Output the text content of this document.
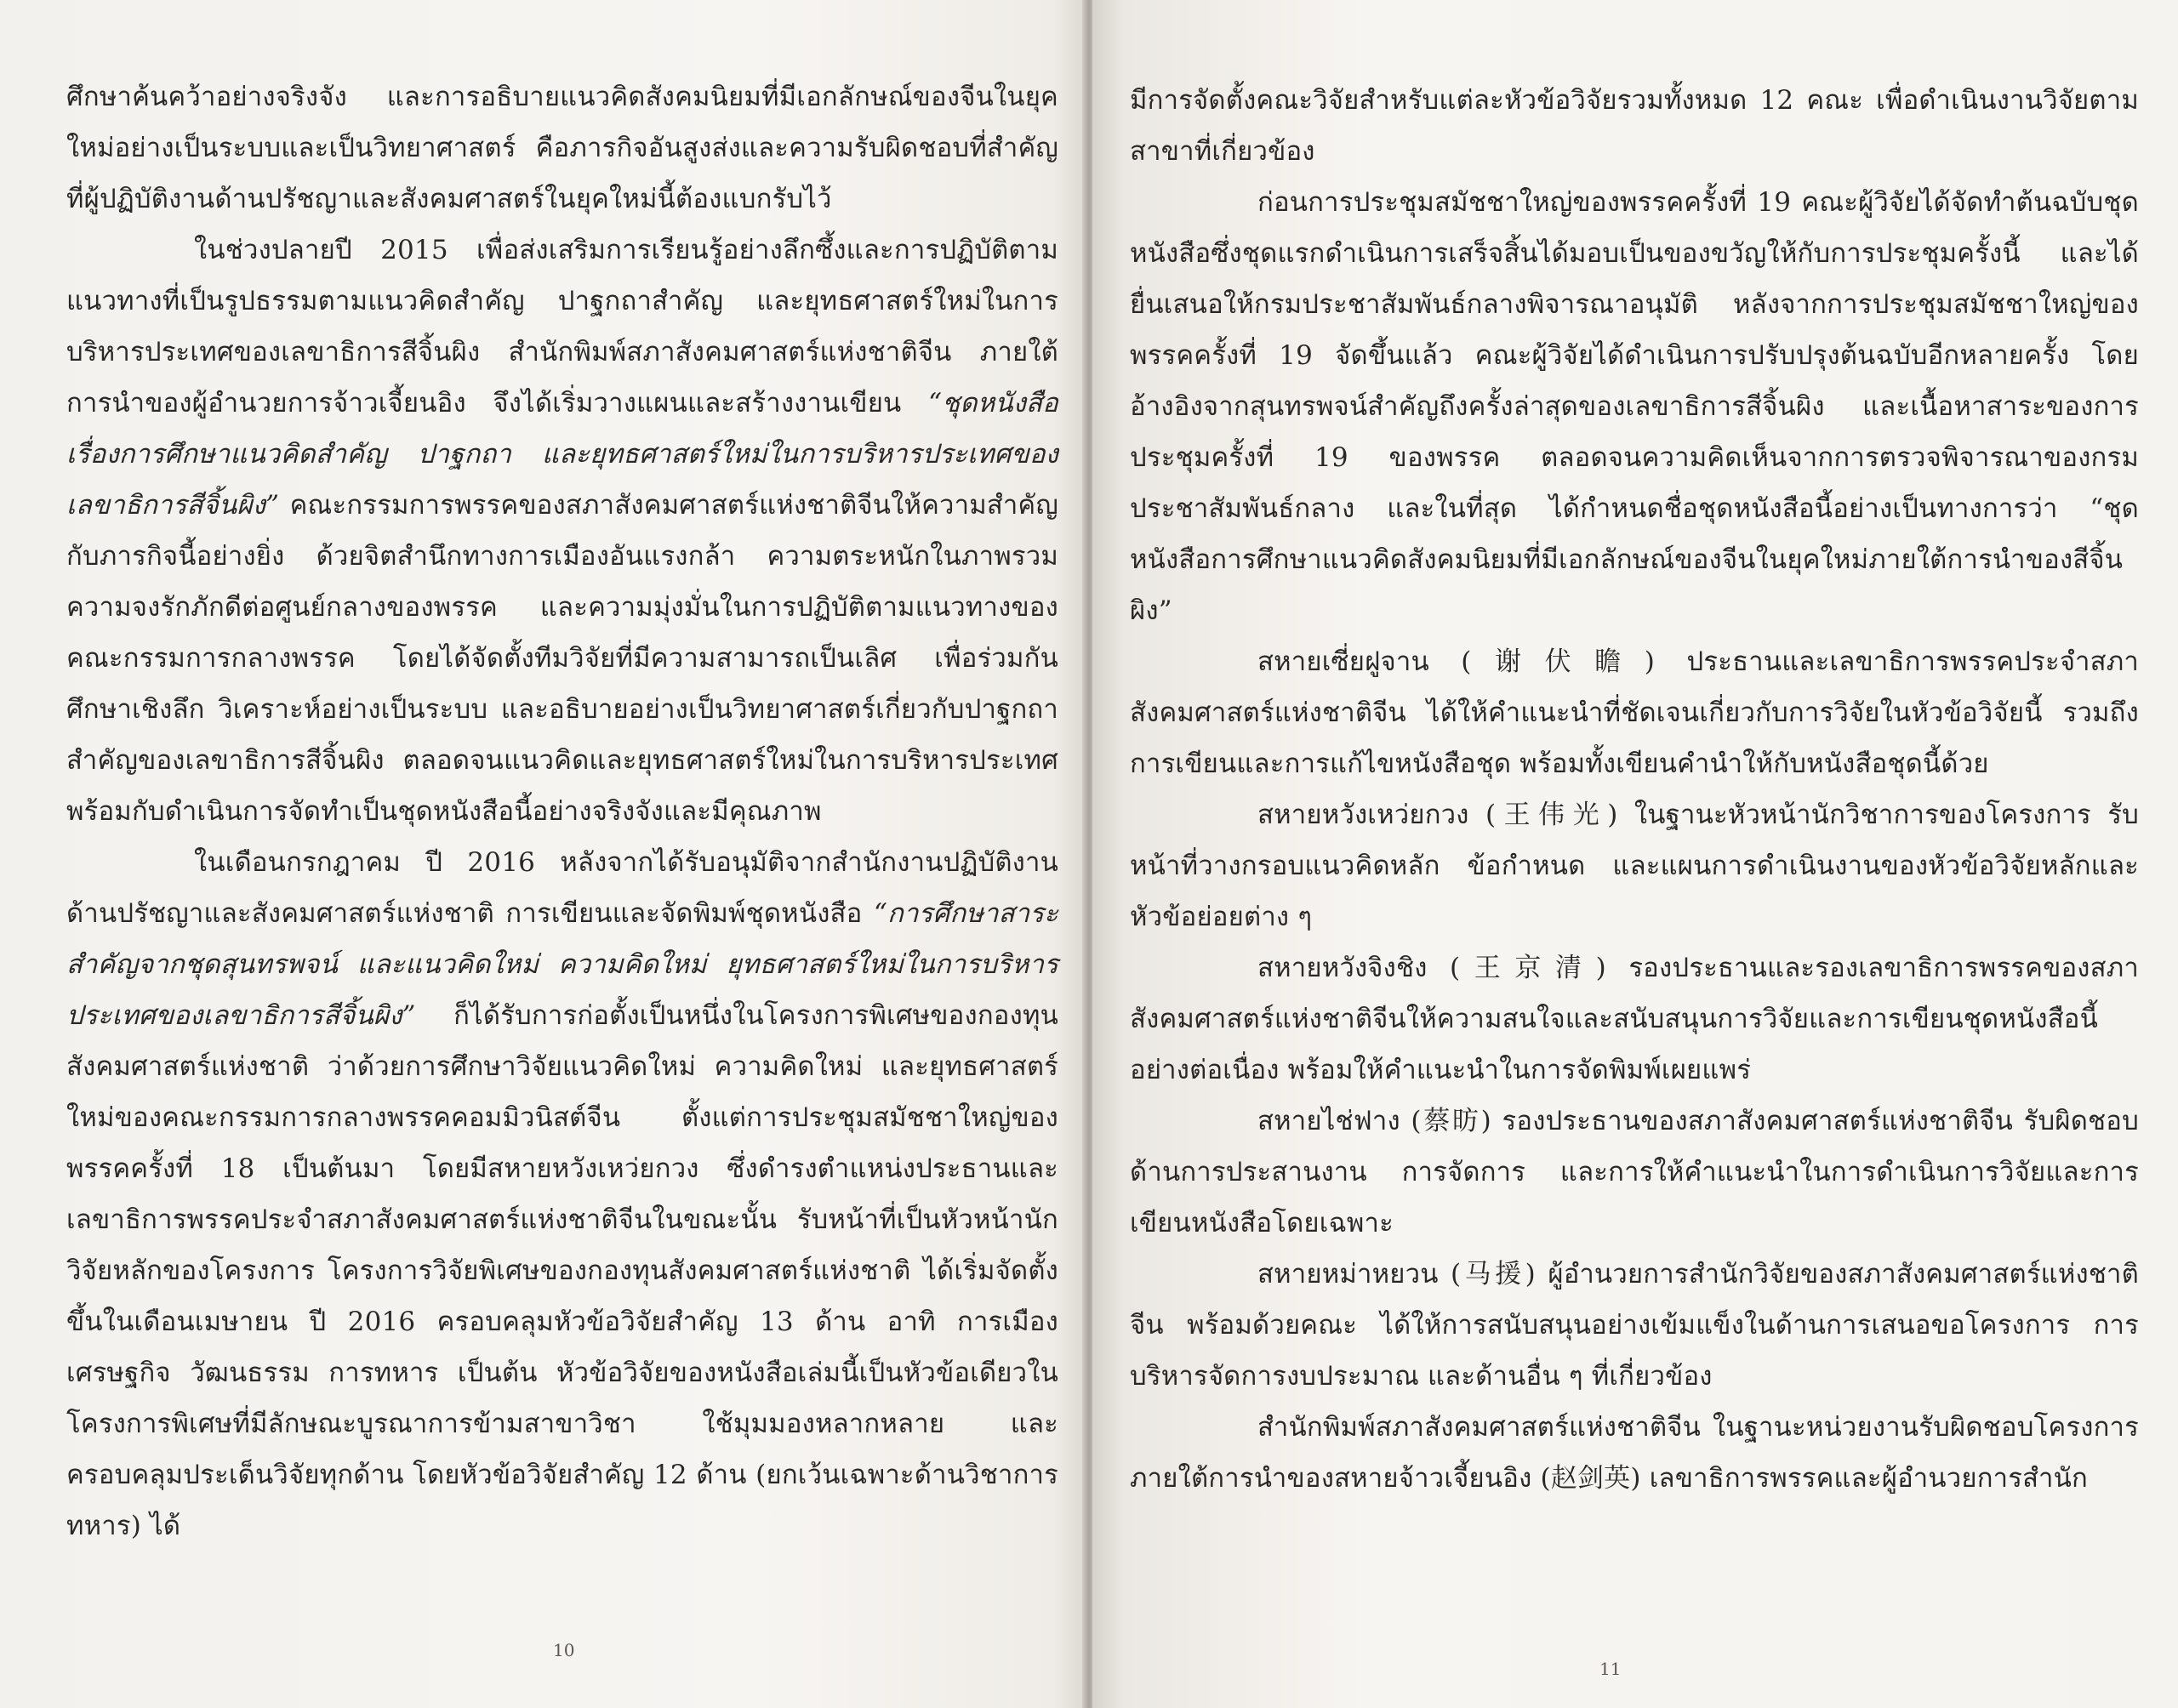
ศึกษาค้นคว้าอย่างจริงจัง และการอธิบายแนวคิดสังคมนิยมที่มีเอกลักษณ์ของจีนในยุคใหม่อย่างเป็นระบบและเป็นวิทยาศาสตร์ คือภารกิจอันสูงส่งและความรับผิดชอบที่สำคัญที่ผู้ปฏิบัติงานด้านปรัชญาและสังคมศาสตร์ในยุคใหม่นี้ต้องแบกรับไว้

ในช่วงปลายปี 2015 เพื่อส่งเสริมการเรียนรู้อย่างลึกซึ้งและการปฏิบัติตามแนวทางที่เป็นรูปธรรมตามแนวคิดสำคัญ ปาฐกถาสำคัญ และยุทธศาสตร์ใหม่ในการบริหารประเทศของเลขาธิการสีจิ้นผิง สำนักพิมพ์สภาสังคมศาสตร์แห่งชาติจีน ภายใต้การนำของผู้อำนวยการจ้าวเจี้ยนอิง จึงได้เริ่มวางแผนและสร้างงานเขียน “ชุดหนังสือเรื่องการศึกษาแนวคิดสำคัญ ปาฐกถา และยุทธศาสตร์ใหม่ในการบริหารประเทศของเลขาธิการสีจิ้นผิง” คณะกรรมการพรรคของสภาสังคมศาสตร์แห่งชาติจีนให้ความสำคัญกับภารกิจนี้อย่างยิ่ง ด้วยจิตสำนึกทางการเมืองอันแรงกล้า ความตระหนักในภาพรวม ความจงรักภักดีต่อศูนย์กลางของพรรค และความมุ่งมั่นในการปฏิบัติตามแนวทางของคณะกรรมการกลางพรรค โดยได้จัดตั้งทีมวิจัยที่มีความสามารถเป็นเลิศ เพื่อร่วมกันศึกษาเชิงลึก วิเคราะห์อย่างเป็นระบบ และอธิบายอย่างเป็นวิทยาศาสตร์เกี่ยวกับปาฐกถาสำคัญของเลขาธิการสีจิ้นผิง ตลอดจนแนวคิดและยุทธศาสตร์ใหม่ในการบริหารประเทศ พร้อมกับดำเนินการจัดทำเป็นชุดหนังสือนี้อย่างจริงจังและมีคุณภาพ

ในเดือนกรกฎาคม ปี 2016 หลังจากได้รับอนุมัติจากสำนักงานปฏิบัติงานด้านปรัชญาและสังคมศาสตร์แห่งชาติ การเขียนและจัดพิมพ์ชุดหนังสือ “การศึกษาสาระสำคัญจากชุดสุนทรพจน์ และแนวคิดใหม่ ความคิดใหม่ ยุทธศาสตร์ใหม่ในการบริหารประเทศของเลขาธิการสีจิ้นผิง” ก็ได้รับการก่อตั้งเป็นหนึ่งในโครงการพิเศษของกองทุนสังคมศาสตร์แห่งชาติ ว่าด้วยการศึกษาวิจัยแนวคิดใหม่ ความคิดใหม่ และยุทธศาสตร์ใหม่ของคณะกรรมการกลางพรรคคอมมิวนิสต์จีน ตั้งแต่การประชุมสมัชชาใหญ่ของพรรคครั้งที่ 18 เป็นต้นมา โดยมีสหายหวังเหว่ยกวง ซึ่งดำรงตำแหน่งประธานและเลขาธิการพรรคประจำสภาสังคมศาสตร์แห่งชาติจีนในขณะนั้น รับหน้าที่เป็นหัวหน้านักวิจัยหลักของโครงการ โครงการวิจัยพิเศษของกองทุนสังคมศาสตร์แห่งชาติ ได้เริ่มจัดตั้งขึ้นในเดือนเมษายน ปี 2016 ครอบคลุมหัวข้อวิจัยสำคัญ 13 ด้าน อาทิ การเมือง เศรษฐกิจ วัฒนธรรม การทหาร เป็นต้น หัวข้อวิจัยของหนังสือเล่มนี้เป็นหัวข้อเดียวในโครงการพิเศษที่มีลักษณะบูรณาการข้ามสาขาวิชา ใช้มุมมองหลากหลาย และครอบคลุมประเด็นวิจัยทุกด้าน โดยหัวข้อวิจัยสำคัญ 12 ด้าน (ยกเว้นเฉพาะด้านวิชาการทหาร) ได้

10

มีการจัดตั้งคณะวิจัยสำหรับแต่ละหัวข้อวิจัยรวมทั้งหมด 12 คณะ เพื่อดำเนินงานวิจัยตามสาขาที่เกี่ยวข้อง

ก่อนการประชุมสมัชชาใหญ่ของพรรคครั้งที่ 19 คณะผู้วิจัยได้จัดทำต้นฉบับชุดหนังสือซึ่งชุดแรกดำเนินการเสร็จสิ้นได้มอบเป็นของขวัญให้กับการประชุมครั้งนี้ และได้ยื่นเสนอให้กรมประชาสัมพันธ์กลางพิจารณาอนุมัติ หลังจากการประชุมสมัชชาใหญ่ของพรรคครั้งที่ 19 จัดขึ้นแล้ว คณะผู้วิจัยได้ดำเนินการปรับปรุงต้นฉบับอีกหลายครั้ง โดยอ้างอิงจากสุนทรพจน์สำคัญถึงครั้งล่าสุดของเลขาธิการสีจิ้นผิง และเนื้อหาสาระของการประชุมครั้งที่ 19 ของพรรค ตลอดจนความคิดเห็นจากการตรวจพิจารณาของกรมประชาสัมพันธ์กลาง และในที่สุด ได้กำหนดชื่อชุดหนังสือนี้อย่างเป็นทางการว่า “ชุดหนังสือการศึกษาแนวคิดสังคมนิยมที่มีเอกลักษณ์ของจีนในยุคใหม่ภายใต้การนำของสีจิ้นผิง”

สหายเซี่ยฝูจาน (谢伏瞻) ประธานและเลขาธิการพรรคประจำสภาสังคมศาสตร์แห่งชาติจีน ได้ให้คำแนะนำที่ชัดเจนเกี่ยวกับการวิจัยในหัวข้อวิจัยนี้ รวมถึงการเขียนและการแก้ไขหนังสือชุด พร้อมทั้งเขียนคำนำให้กับหนังสือชุดนี้ด้วย

สหายหวังเหว่ยกวง (王伟光) ในฐานะหัวหน้านักวิชาการของโครงการ รับหน้าที่วางกรอบแนวคิดหลัก ข้อกำหนด และแผนการดำเนินงานของหัวข้อวิจัยหลักและหัวข้อย่อยต่าง ๆ

สหายหวังจิงชิง (王京清) รองประธานและรองเลขาธิการพรรคของสภาสังคมศาสตร์แห่งชาติจีนให้ความสนใจและสนับสนุนการวิจัยและการเขียนชุดหนังสือนี้อย่างต่อเนื่อง พร้อมให้คำแนะนำในการจัดพิมพ์เผยแพร่

สหายไช่ฟาง (蔡昉) รองประธานของสภาสังคมศาสตร์แห่งชาติจีน รับผิดชอบด้านการประสานงาน การจัดการ และการให้คำแนะนำในการดำเนินการวิจัยและการเขียนหนังสือโดยเฉพาะ

สหายหม่าหยวน (马援) ผู้อำนวยการสำนักวิจัยของสภาสังคมศาสตร์แห่งชาติจีน พร้อมด้วยคณะ ได้ให้การสนับสนุนอย่างเข้มแข็งในด้านการเสนอขอโครงการ การบริหารจัดการงบประมาณ และด้านอื่น ๆ ที่เกี่ยวข้อง

สำนักพิมพ์สภาสังคมศาสตร์แห่งชาติจีน ในฐานะหน่วยงานรับผิดชอบโครงการภายใต้การนำของสหายจ้าวเจี้ยนอิง (赵剑英) เลขาธิการพรรคและผู้อำนวยการสำนัก

11
